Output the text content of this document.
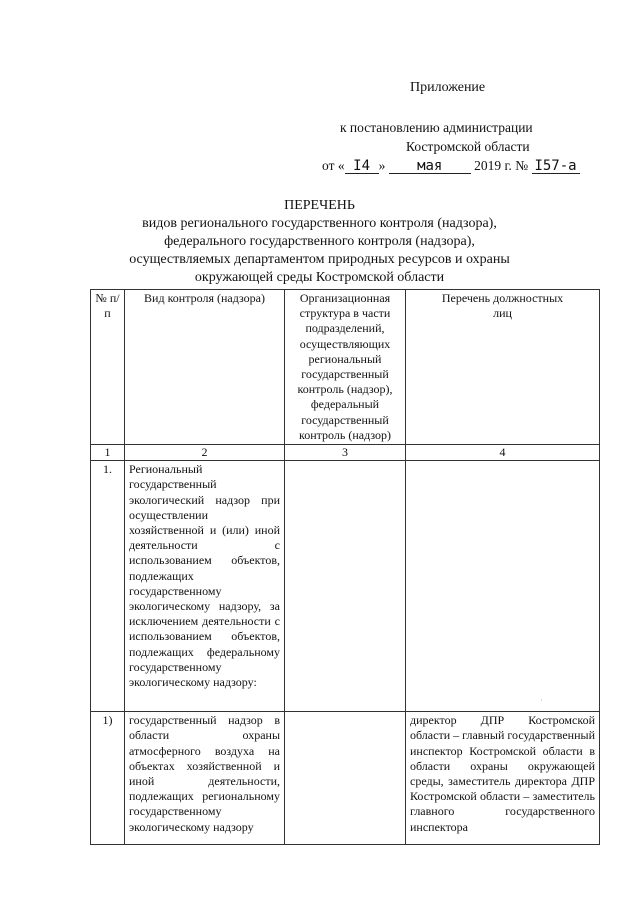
Приложение
к постановлению администрации
Костромской области
от « I4 » мая 2019 г. № I57-а
ПЕРЕЧЕНЬ
видов регионального государственного контроля (надзора),
федерального государственного контроля (надзора),
осуществляемых департаментом природных ресурсов и охраны
окружающей среды Костромской области
№ п/п	Вид контроля (надзора)	Организационная структура в части подразделений, осуществляющих региональный государственный контроль (надзор), федеральный государственный контроль (надзор)	Перечень должностных лиц
1	2	3	4
1.	Региональный государственный экологический надзор при осуществлении хозяйственной и (или) иной деятельности с использованием объектов, подлежащих государственному экологическому надзору, за исключением деятельности с использованием объектов, подлежащих федеральному государственному экологическому надзору:		
1)	государственный надзор в области охраны атмосферного воздуха на объектах хозяйственной и иной деятельности, подлежащих региональному государственному экологическому надзору		директор ДПР Костромской области – главный государственный инспектор Костромской области в области охраны окружающей среды, заместитель директора ДПР Костромской области – заместитель главного государственного инспектора
·
